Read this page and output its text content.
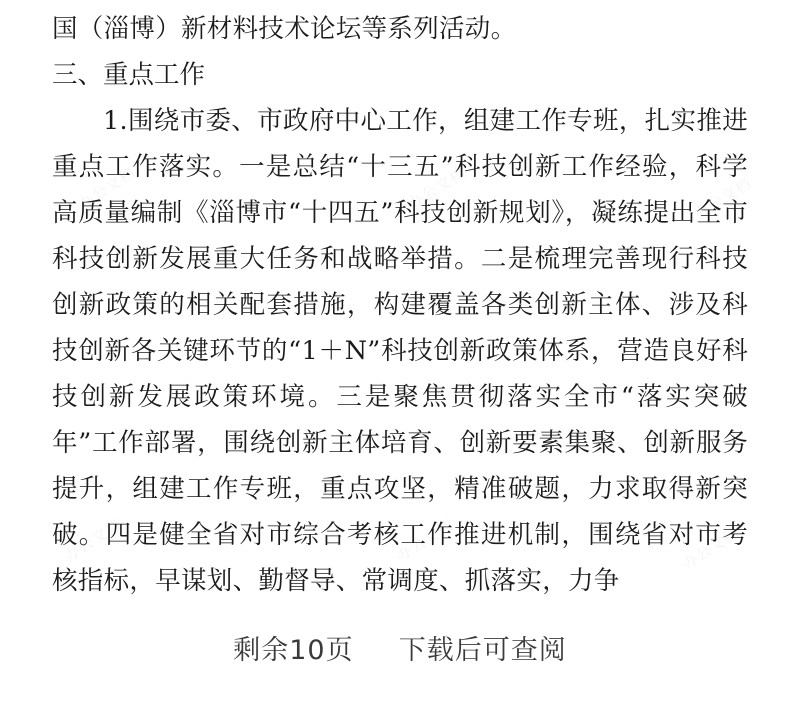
国（淄博）新材料技术论坛等系列活动。

三、重点工作

1.围绕市委、市政府中心工作，组建工作专班，扎实推进重点工作落实。一是总结“十三五”科技创新工作经验，科学高质量编制《淄博市“十四五”科技创新规划》，凝练提出全市科技创新发展重大任务和战略举措。二是梳理完善现行科技创新政策的相关配套措施，构建覆盖各类创新主体、涉及科技创新各关键环节的“1＋N”科技创新政策体系，营造良好科技创新发展政策环境。三是聚焦贯彻落实全市“落实突破年”工作部署，围绕创新主体培育、创新要素集聚、创新服务提升，组建工作专班，重点攻坚，精准破题，力求取得新突破。四是健全省对市综合考核工作推进机制，围绕省对市考核指标，早谋划、勤督导、常调度、抓落实，力争

剩余10页 下载后可查阅
